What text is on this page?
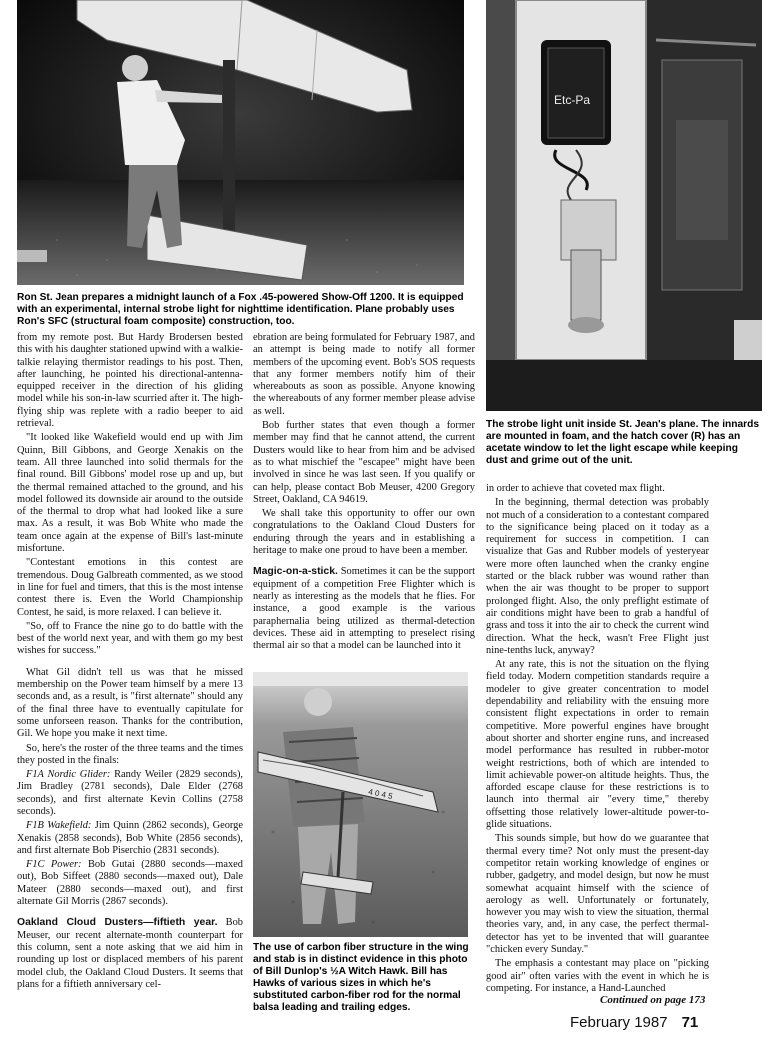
Ron St. Jean prepares a midnight launch of a Fox .45-powered Show-Off 1200. It is equipped with an experimental, internal strobe light for nighttime identification. Plane probably uses Ron's SFC (structural foam composite) construction, too.
Etc-Pa
The strobe light unit inside St. Jean's plane. The innards are mounted in foam, and the hatch cover (R) has an acetate window to let the light escape while keeping dust and grime out of the unit.

from my remote post. But Hardy Brodersen bested this with his daughter stationed upwind with a walkie-talkie relaying thermistor readings to his post. Then, after launching, he pointed his directional-antenna-equipped receiver in the direction of his gliding model while his son-in-law scurried after it. The high-flying ship was replete with a radio beeper to aid retrieval.

"It looked like Wakefield would end up with Jim Quinn, Bill Gibbons, and George Xenakis on the team. All three launched into solid thermals for the final round. Bill Gibbons' model rose up and up, but the thermal remained attached to the ground, and his model followed its downside air around to the outside of the thermal to drop what had looked like a sure max. As a result, it was Bob White who made the team once again at the expense of Bill's last-minute misfortune.

"Contestant emotions in this contest are tremendous. Doug Galbreath commented, as we stood in line for fuel and timers, that this is the most intense contest there is. Even the World Championship Contest, he said, is more relaxed. I can believe it.

"So, off to France the nine go to do battle with the best of the world next year, and with them go my best wishes for success."

What Gil didn't tell us was that he missed membership on the Power team himself by a mere 13 seconds and, as a result, is "first alternate" should any of the final three have to eventually capitulate for some unforseen reason. Thanks for the contribution, Gil. We hope you make it next time.

So, here's the roster of the three teams and the times they posted in the finals:

F1A Nordic Glider: Randy Weiler (2829 seconds), Jim Bradley (2781 seconds), Dale Elder (2768 seconds), and first alternate Kevin Collins (2758 seconds).

F1B Wakefield: Jim Quinn (2862 seconds), George Xenakis (2858 seconds), Bob White (2856 seconds), and first alternate Bob Piserchio (2831 seconds).

F1C Power: Bob Gutai (2880 seconds—maxed out), Bob Siffeet (2880 seconds—maxed out), Dale Mateer (2880 seconds—maxed out), and first alternate Gil Morris (2867 seconds).

Oakland Cloud Dusters—fiftieth year. Bob Meuser, our recent alternate-month counterpart for this column, sent a note asking that we aid him in rounding up lost or displaced members of his parent model club, the Oakland Cloud Dusters. It seems that plans for a fiftieth anniversary cel-

ebration are being formulated for February 1987, and an attempt is being made to notify all former members of the upcoming event. Bob's SOS requests that any former members notify him of their whereabouts as soon as possible. Anyone knowing the whereabouts of any former member please advise as well.

Bob further states that even though a former member may find that he cannot attend, the current Dusters would like to hear from him and be advised as to what mischief the "escapee" might have been involved in since he was last seen. If you qualify or can help, please contact Bob Meuser, 4200 Gregory Street, Oakland, CA 94619.

We shall take this opportunity to offer our own congratulations to the Oakland Cloud Dusters for enduring through the years and in establishing a heritage to make one proud to have been a member.

Magic-on-a-stick. Sometimes it can be the support equipment of a competition Free Flighter which is nearly as interesting as the models that he flies. For instance, a good example is the various paraphernalia being utilized as thermal-detection devices. These aid in attempting to preselect rising thermal air so that a model can be launched into it

4 0 4 5
The use of carbon fiber structure in the wing and stab is in distinct evidence in this photo of Bill Dunlop's ½A Witch Hawk. Bill has Hawks of various sizes in which he's substituted carbon-fiber rod for the normal balsa leading and trailing edges.

in order to achieve that coveted max flight.

In the beginning, thermal detection was probably not much of a consideration to a contestant compared to the significance being placed on it today as a requirement for success in competition. I can visualize that Gas and Rubber models of yesteryear were more often launched when the cranky engine started or the black rubber was wound rather than when the air was thought to be proper to support prolonged flight. Also, the only preflight estimate of air conditions might have been to grab a handful of grass and toss it into the air to check the current wind direction. What the heck, wasn't Free Flight just nine-tenths luck, anyway?

At any rate, this is not the situation on the flying field today. Modern competition standards require a modeler to give greater concentration to model dependability and reliability with the ensuing more consistent flight expectations in order to remain competitive. More powerful engines have brought about shorter and shorter engine runs, and increased model performance has resulted in rubber-motor weight restrictions, both of which are intended to limit achievable power-on altitude heights. Thus, the afforded escape clause for these restrictions is to launch into thermal air "every time," thereby offsetting those relatively lower-altitude power-to-glide situations.

This sounds simple, but how do we guarantee that thermal every time? Not only must the present-day competitor retain working knowledge of engines or rubber, gadgetry, and model design, but now he must somewhat acquaint himself with the science of aerology as well. Unfortunately or fortunately, however you may wish to view the situation, thermal theories vary, and, in any case, the perfect thermal-detector has yet to be invented that will guarantee "chicken every Sunday."

The emphasis a contestant may place on "picking good air" often varies with the event in which he is competing. For instance, a Hand-Launched

Continued on page 173
February 1987 71
